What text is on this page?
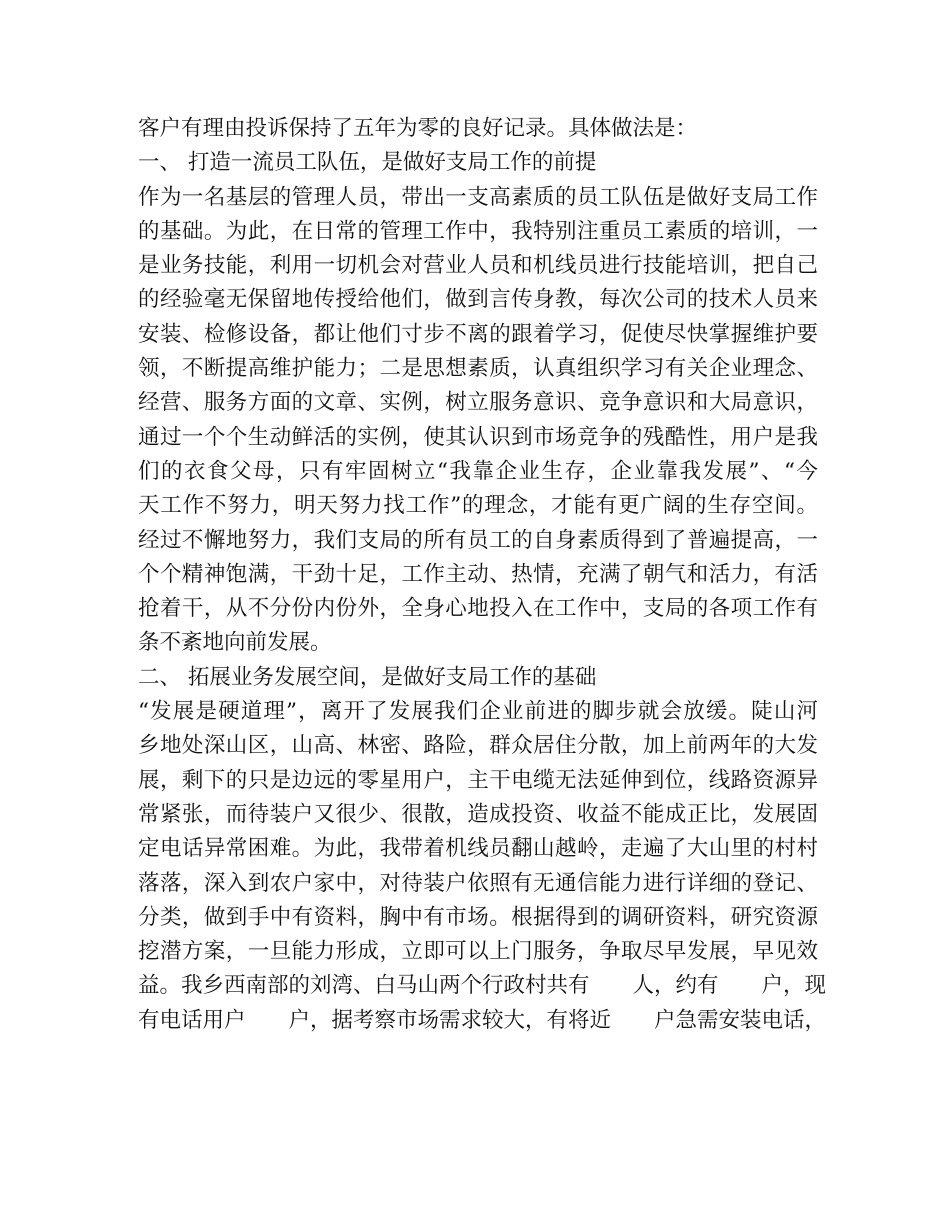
客户有理由投诉保持了五年为零的良好记录。具体做法是：
一、 打造一流员工队伍，是做好支局工作的前提
作为一名基层的管理人员，带出一支高素质的员工队伍是做好支局工作
的基础。为此，在日常的管理工作中，我特别注重员工素质的培训，一
是业务技能，利用一切机会对营业人员和机线员进行技能培训，把自己
的经验毫无保留地传授给他们，做到言传身教，每次公司的技术人员来
安装、检修设备，都让他们寸步不离的跟着学习，促使尽快掌握维护要
领，不断提高维护能力；二是思想素质，认真组织学习有关企业理念、
经营、服务方面的文章、实例，树立服务意识、竞争意识和大局意识，
通过一个个生动鲜活的实例，使其认识到市场竞争的残酷性，用户是我
们的衣食父母，只有牢固树立“我靠企业生存，企业靠我发展”、“今
天工作不努力，明天努力找工作”的理念，才能有更广阔的生存空间。
经过不懈地努力，我们支局的所有员工的自身素质得到了普遍提高，一
个个精神饱满，干劲十足，工作主动、热情，充满了朝气和活力，有活
抢着干，从不分份内份外，全身心地投入在工作中，支局的各项工作有
条不紊地向前发展。
二、 拓展业务发展空间，是做好支局工作的基础
“发展是硬道理”，离开了发展我们企业前进的脚步就会放缓。陡山河
乡地处深山区，山高、林密、路险，群众居住分散，加上前两年的大发
展，剩下的只是边远的零星用户，主干电缆无法延伸到位，线路资源异
常紧张，而待装户又很少、很散，造成投资、收益不能成正比，发展固
定电话异常困难。为此，我带着机线员翻山越岭，走遍了大山里的村村
落落，深入到农户家中，对待装户依照有无通信能力进行详细的登记、
分类，做到手中有资料，胸中有市场。根据得到的调研资料，研究资源
挖潜方案，一旦能力形成，立即可以上门服务，争取尽早发展，早见效
益。我乡西南部的刘湾、白马山两个行政村共有　　人，约有　　户，现
有电话用户　　户，据考察市场需求较大，有将近　　户急需安装电话，
